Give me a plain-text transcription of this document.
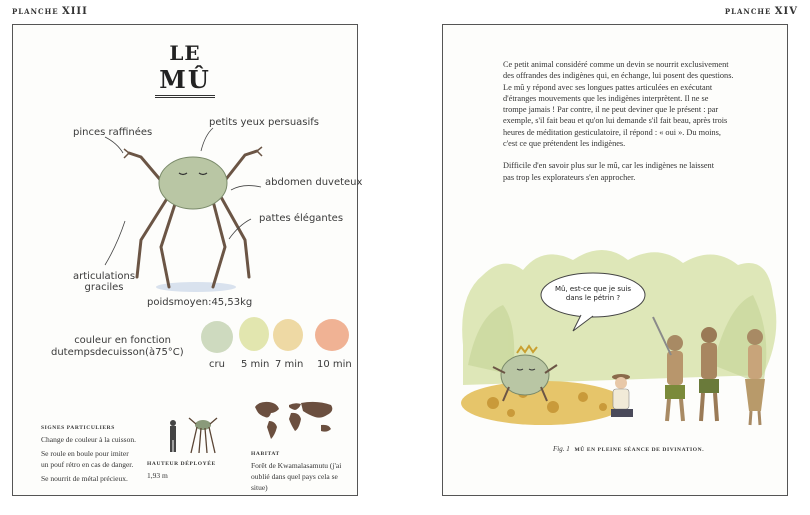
PLANCHE XIII
LE
MÛ
pinces raffinées
petits yeux persuasifs
abdomen duveteux
pattes élégantes
articulations
graciles
poidsmoyen:45,53kg
couleur en fonction
dutempsdecuisson(à75°C)
cru 5 min 7 min 10 min
SIGNES PARTICULIERS
Change de couleur à la cuisson.
Se roule en boule pour imiter
un pouf rétro en cas de danger.
Se nourrit de métal précieux.
HAUTEUR DÉPLOYÉE
1,93 m
HABITAT
Forêt de Kwamalasamutu (j'ai
oublié dans quel pays cela se situe)
PLANCHE XIV

Ce petit animal considéré comme un devin se nourrit exclusivement
des offrandes des indigènes qui, en échange, lui posent des questions.
Le mû y répond avec ses longues pattes articulées en exécutant
d'étranges mouvements que les indigènes interprètent. Il ne se
trompe jamais ! Par contre, il ne peut deviner que le présent : par
exemple, s'il fait beau et qu'on lui demande s'il fait beau, après trois
heures de méditation gesticulatoire, il répond : « oui ». Du moins,
c'est ce que prétendent les indigènes.

Difficile d'en savoir plus sur le mû, car les indigènes ne laissent
pas trop les explorateurs s'en approcher.

Mû, est-ce que je suis
dans le pétrin ?
Fig. 1 MÛ EN PLEINE SÉANCE DE DIVINATION.
